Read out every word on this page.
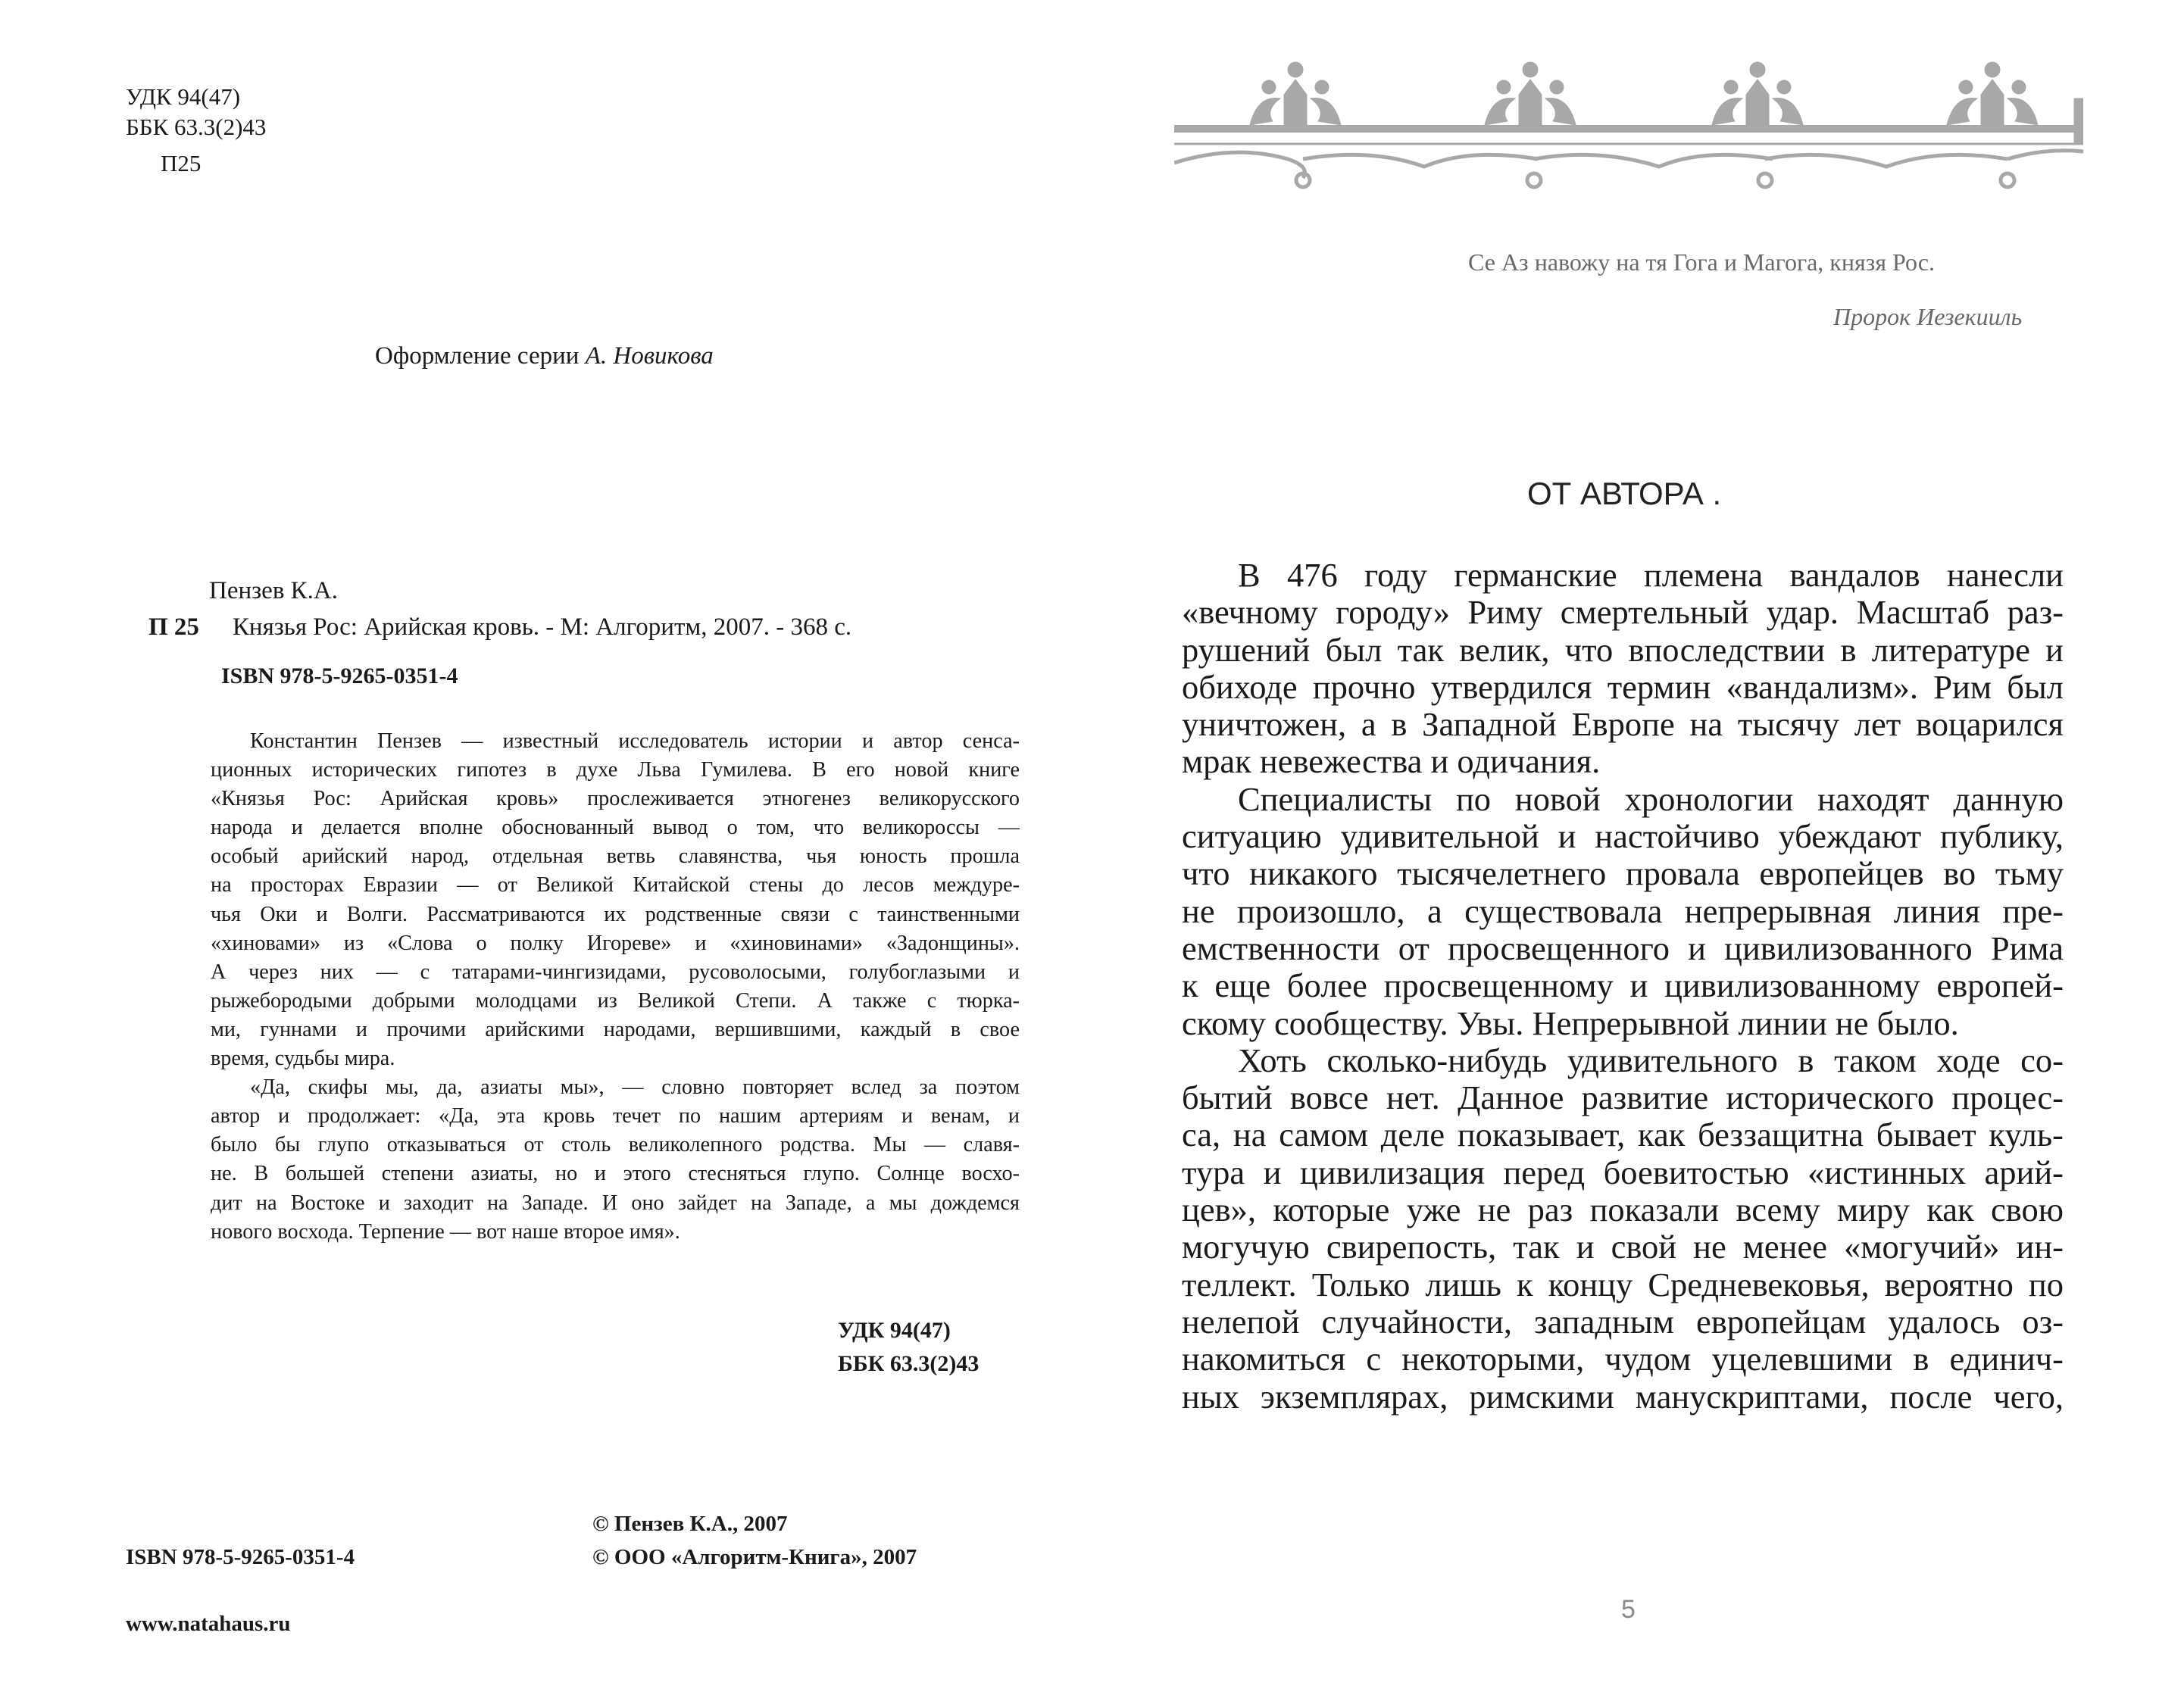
УДК 94(47)
ББК 63.3(2)43
П25
Оформление серии А. Новикова
Пензев К.А.
П 25 Князья Рос: Арийская кровь. - М: Алгоритм, 2007. - 368 с.
ISBN 978-5-9265-0351-4
Константин Пензев — известный исследователь истории и автор сенса-
ционных исторических гипотез в духе Льва Гумилева. В его новой книге
«Князья Рос: Арийская кровь» прослеживается этногенез великорусского
народа и делается вполне обоснованный вывод о том, что великороссы —
особый арийский народ, отдельная ветвь славянства, чья юность прошла
на просторах Евразии — от Великой Китайской стены до лесов междуре-
чья Оки и Волги. Рассматриваются их родственные связи с таинственными
«хиновами» из «Слова о полку Игореве» и «хиновинами» «Задонщины».
А через них — с татарами-чингизидами, русоволосыми, голубоглазыми и
рыжебородыми добрыми молодцами из Великой Степи. А также с тюрка-
ми, гуннами и прочими арийскими народами, вершившими, каждый в свое
время, судьбы мира.
«Да, скифы мы, да, азиаты мы», — словно повторяет вслед за поэтом
автор и продолжает: «Да, эта кровь течет по нашим артериям и венам, и
было бы глупо отказываться от столь великолепного родства. Мы — славя-
не. В большей степени азиаты, но и этого стесняться глупо. Солнце восхо-
дит на Востоке и заходит на Западе. И оно зайдет на Западе, а мы дождемся
нового восхода. Терпение — вот наше второе имя».
УДК 94(47)
ББК 63.3(2)43
© Пензев К.А., 2007
© ООО «Алгоритм-Книга», 2007
ISBN 978-5-9265-0351-4
www.natahaus.ru
Се Аз навожу на тя Гога и Магога, князя Рос.
Пророк Иезекииль
ОТ АВТОРА .
В 476 году германские племена вандалов нанесли
«вечному городу» Риму смертельный удар. Масштаб раз-
рушений был так велик, что впоследствии в литературе и
обиходе прочно утвердился термин «вандализм». Рим был
уничтожен, а в Западной Европе на тысячу лет воцарился
мрак невежества и одичания.
Специалисты по новой хронологии находят данную
ситуацию удивительной и настойчиво убеждают публику,
что никакого тысячелетнего провала европейцев во тьму
не произошло, а существовала непрерывная линия пре-
емственности от просвещенного и цивилизованного Рима
к еще более просвещенному и цивилизованному европей-
скому сообществу. Увы. Непрерывной линии не было.
Хоть сколько-нибудь удивительного в таком ходе со-
бытий вовсе нет. Данное развитие исторического процес-
са, на самом деле показывает, как беззащитна бывает куль-
тура и цивилизация перед боевитостью «истинных арий-
цев», которые уже не раз показали всему миру как свою
могучую свирепость, так и свой не менее «могучий» ин-
теллект. Только лишь к концу Средневековья, вероятно по
нелепой случайности, западным европейцам удалось оз-
накомиться с некоторыми, чудом уцелевшими в единич-
ных экземплярах, римскими манускриптами, после чего,
5
